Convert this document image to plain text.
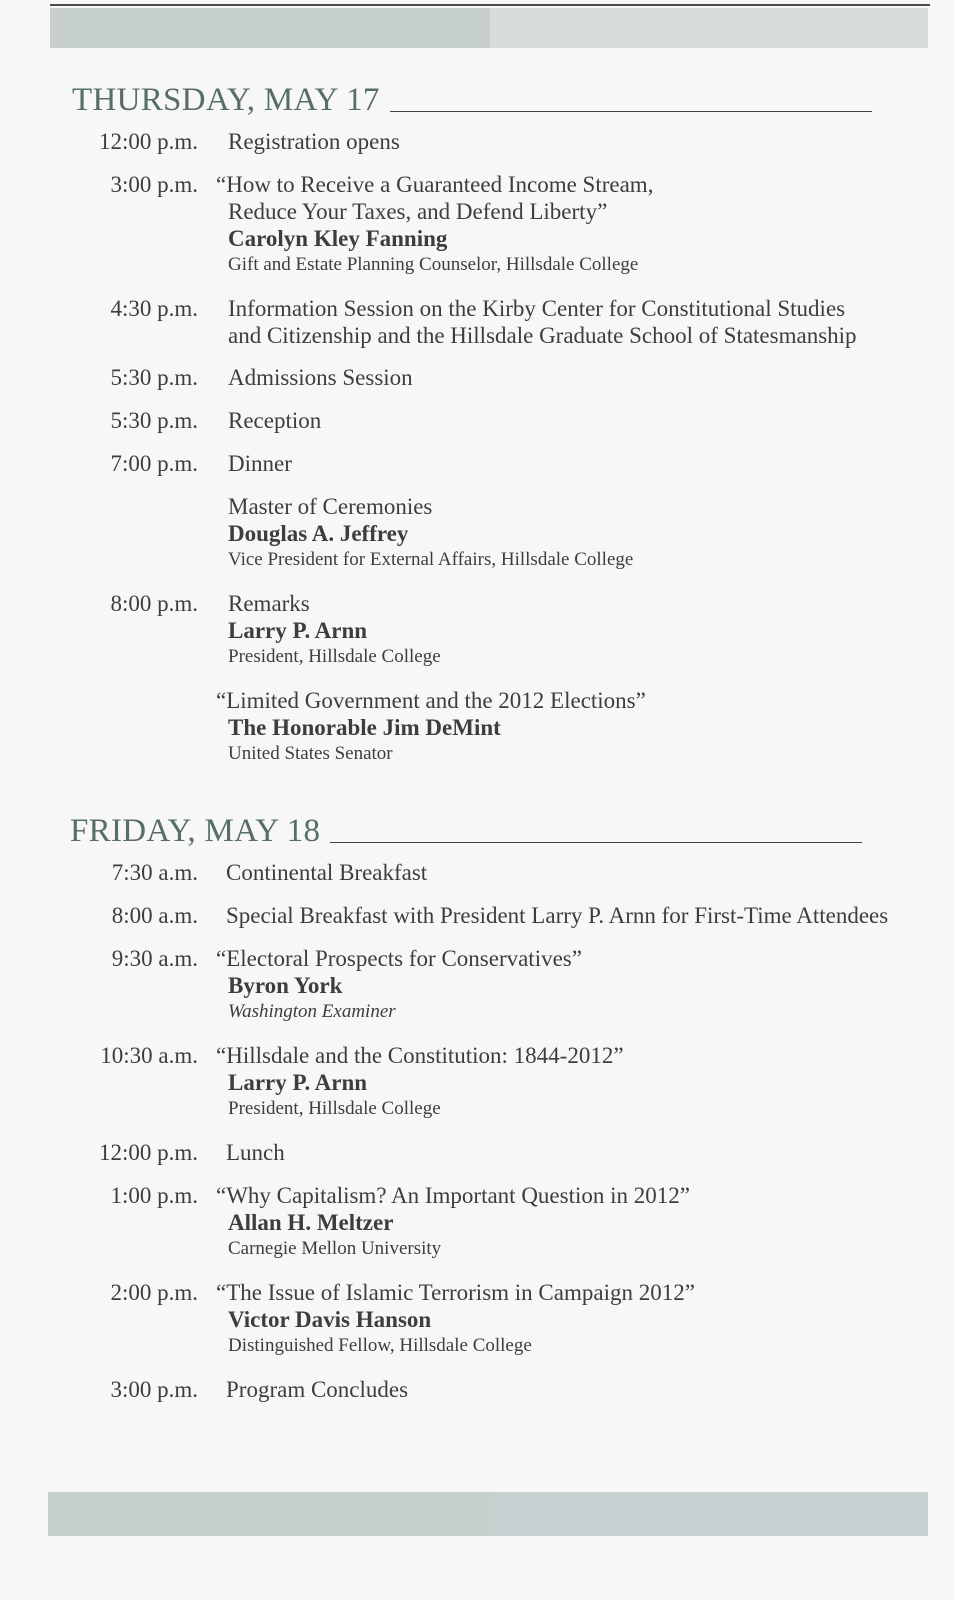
THURSDAY, MAY 17
12:00 p.m. Registration opens
3:00 p.m. “How to Receive a Guaranteed Income Stream,
Reduce Your Taxes, and Defend Liberty”
Carolyn Kley Fanning
Gift and Estate Planning Counselor, Hillsdale College
4:30 p.m. Information Session on the Kirby Center for Constitutional Studies
and Citizenship and the Hillsdale Graduate School of Statesmanship
5:30 p.m. Admissions Session
5:30 p.m. Reception
7:00 p.m. Dinner
Master of Ceremonies
Douglas A. Jeffrey
Vice President for External Affairs, Hillsdale College
8:00 p.m. Remarks
Larry P. Arnn
President, Hillsdale College
“Limited Government and the 2012 Elections”
The Honorable Jim DeMint
United States Senator
FRIDAY, MAY 18
7:30 a.m. Continental Breakfast
8:00 a.m. Special Breakfast with President Larry P. Arnn for First-Time Attendees
9:30 a.m. “Electoral Prospects for Conservatives”
Byron York
Washington Examiner
10:30 a.m. “Hillsdale and the Constitution: 1844-2012”
Larry P. Arnn
President, Hillsdale College
12:00 p.m. Lunch
1:00 p.m. “Why Capitalism? An Important Question in 2012”
Allan H. Meltzer
Carnegie Mellon University
2:00 p.m. “The Issue of Islamic Terrorism in Campaign 2012”
Victor Davis Hanson
Distinguished Fellow, Hillsdale College
3:00 p.m. Program Concludes
